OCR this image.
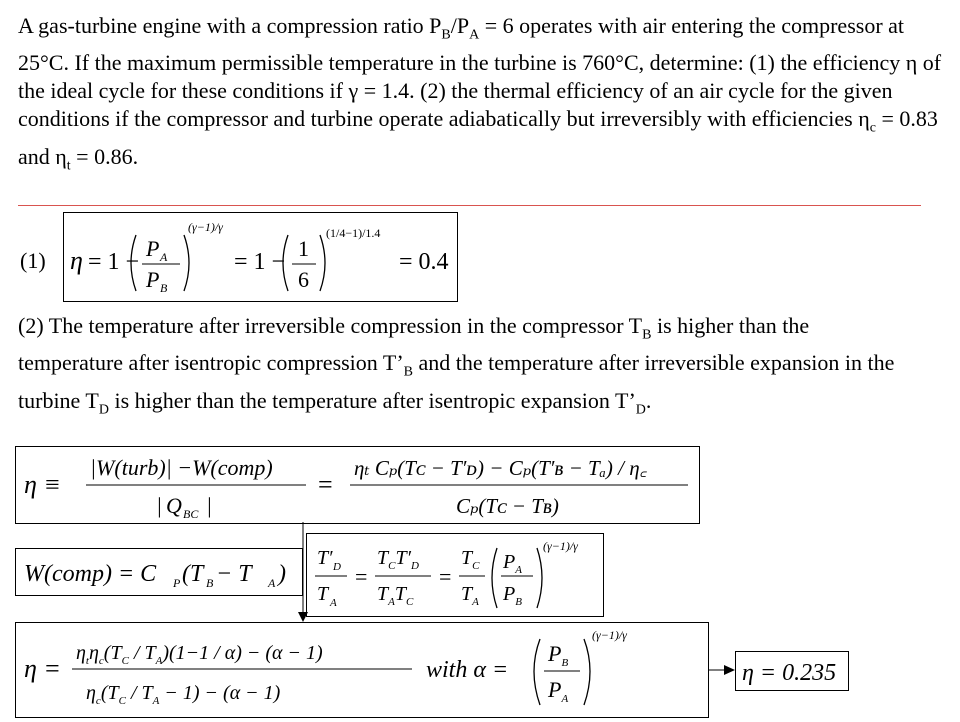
A gas-turbine engine with a compression ratio $P_B/P_A = 6$ operates with air entering the compressor at 25°C. If the maximum permissible temperature in the turbine is 760°C, determine: (1) the efficiency η of the ideal cycle for these conditions if γ = 1.4. (2) the thermal efficiency of an air cycle for the given conditions if the compressor and turbine operate adiabatically but irreversibly with efficiencies $\eta_c = 0.83$ and $\eta_t = 0.86$.
(1) η = 1 −
P A
P B
(γ−1)/γ
= 1 −
1
6
(1/4−1)/1.4
= 0.4
(2) The temperature after irreversible compression in the compressor $T_B$ is higher than the temperature after isentropic compression $T’_B$ and the temperature after irreversible expansion in the turbine $T_D$ is higher than the temperature after isentropic expansion $T’_D$.
η ≡
|W(turb)| −W(comp)
| Q BC |
=
ηₜ Cₚ(Tᴄ − T′ᴅ) − Cₚ(T′ʙ − Tₐ) / η꜀
Cₚ(Tᴄ − Tʙ)
W(comp) = C P (T B − T A )
T′ D
T A
=
$T_CT'_D$
$T_AT_C$
=
$T_C$
$T_A$
$P_A$
$P_B$
(γ−1)/γ
η =
$\eta_t\eta_c(T_C / T_A)(1-1 / \alpha) - (\alpha - 1)$
$\eta_c(T_C / T_A - 1) - (\alpha - 1)$
with α =
$P_B$
$P_A$
(γ−1)/γ
η = 0.235
